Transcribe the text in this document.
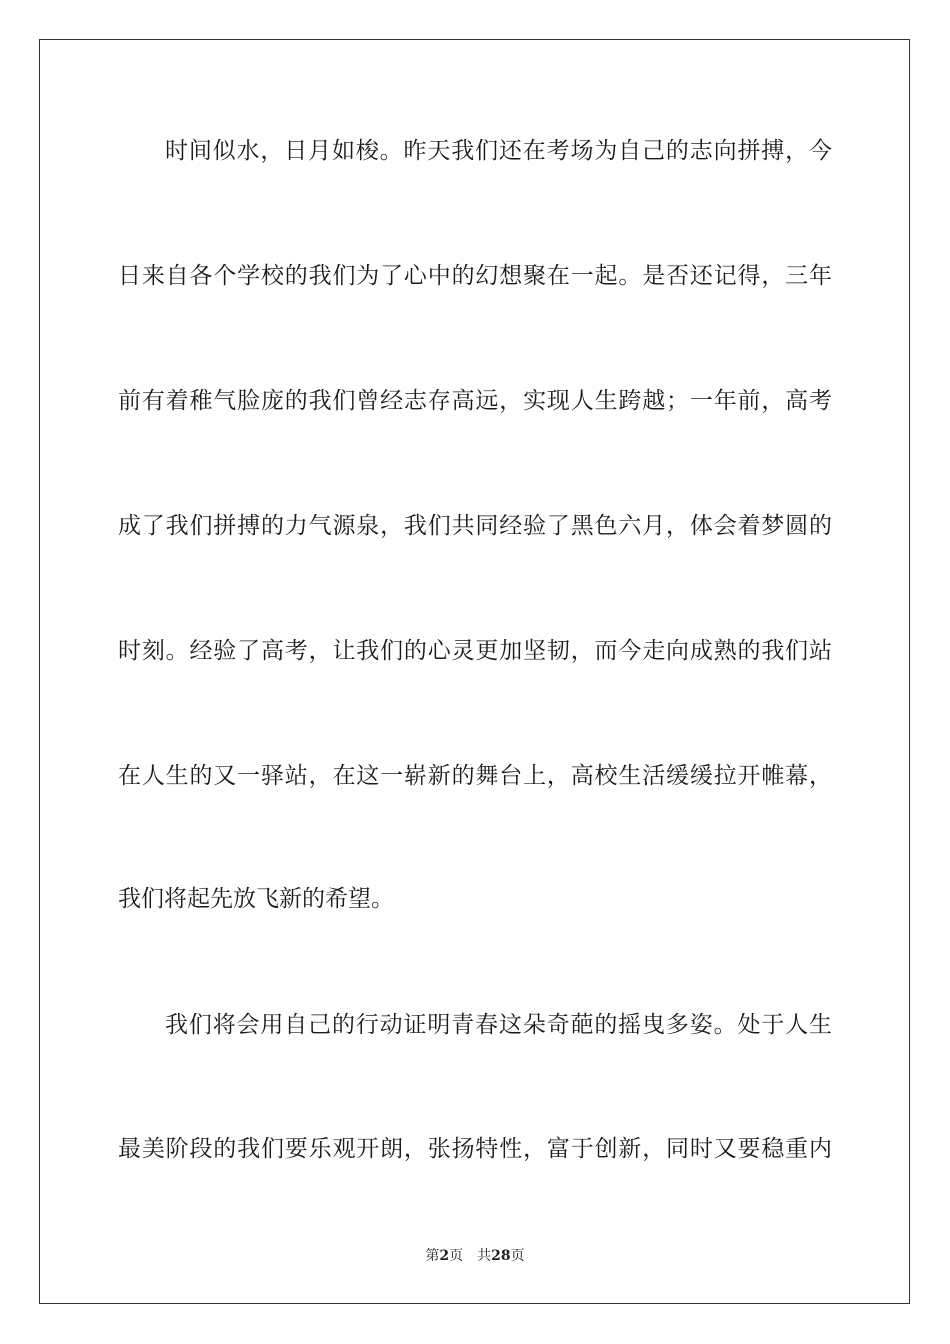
时间似水，日月如梭。昨天我们还在考场为自己的志向拼搏，今
日来自各个学校的我们为了心中的幻想聚在一起。是否还记得，三年
前有着稚气脸庞的我们曾经志存高远，实现人生跨越；一年前，高考
成了我们拼搏的力气源泉，我们共同经验了黑色六月，体会着梦圆的
时刻。经验了高考，让我们的心灵更加坚韧，而今走向成熟的我们站
在人生的又一驿站，在这一崭新的舞台上，高校生活缓缓拉开帷幕，
我们将起先放飞新的希望。
我们将会用自己的行动证明青春这朵奇葩的摇曳多姿。处于人生
最美阶段的我们要乐观开朗，张扬特性，富于创新，同时又要稳重内
第2页 共28页
